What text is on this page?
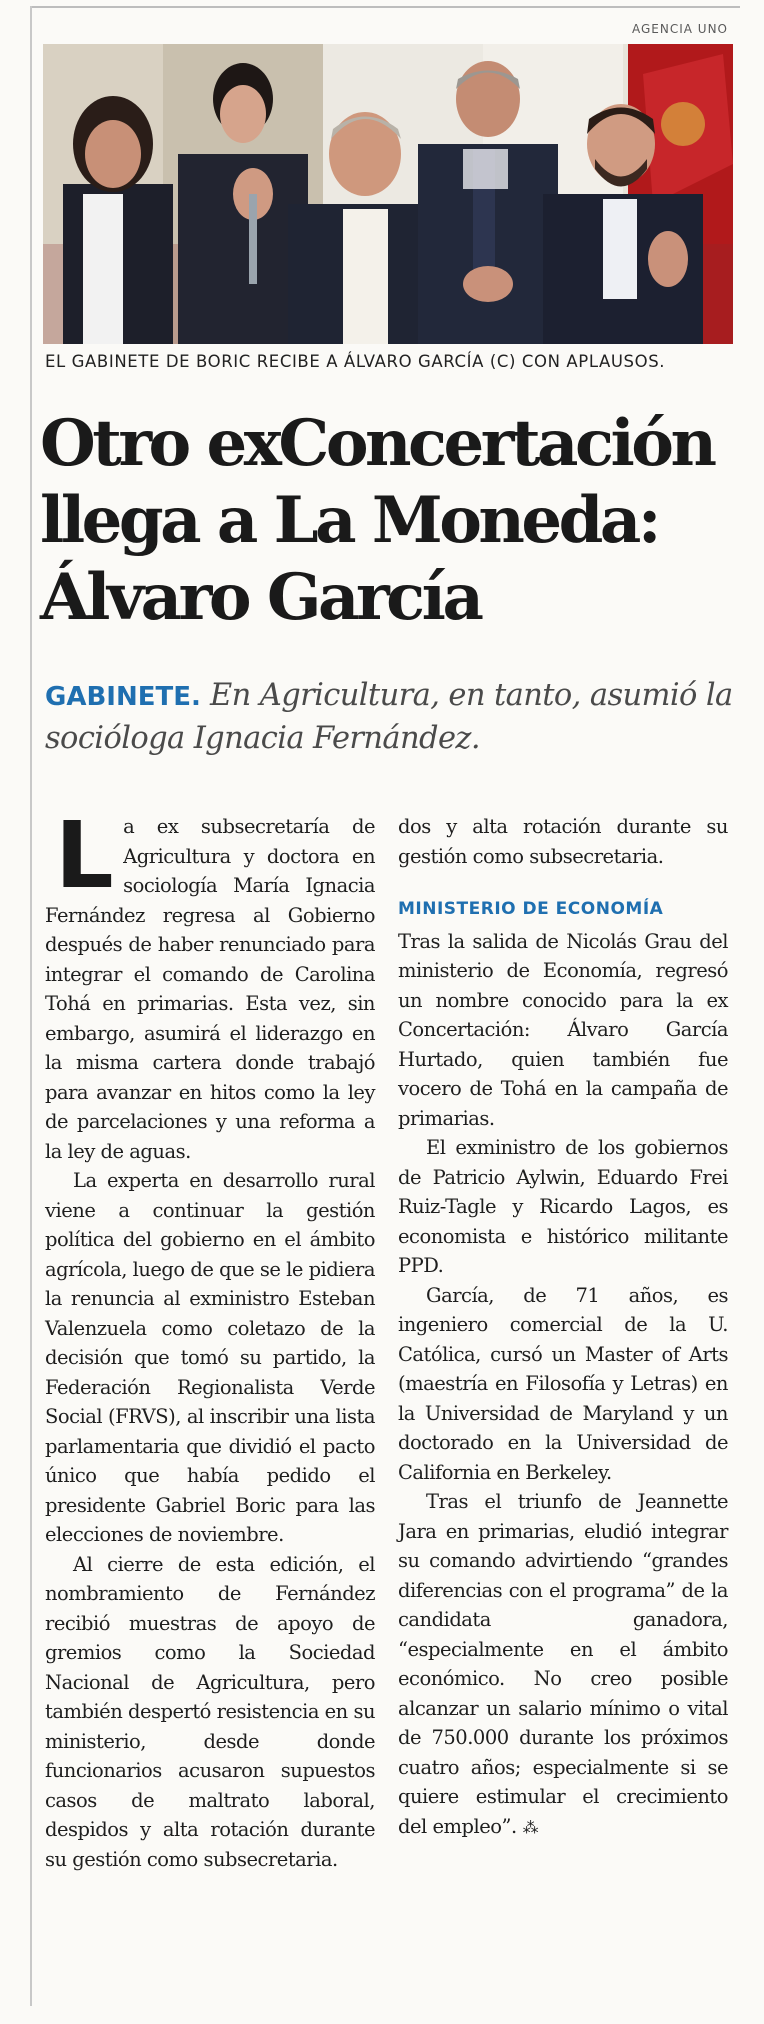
AGENCIA UNO
EL GABINETE DE BORIC RECIBE A ÁLVARO GARCÍA (C) CON APLAUSOS.
Otro exConcertación
llega a La Moneda:
Álvaro García
GABINETE. En Agricultura, en tanto, asumió la socióloga Ignacia Fernández.

La ex subsecretaría de Agricultura y doctora en sociología María Ignacia Fernández regresa al Gobierno después de haber renunciado para integrar el comando de Carolina Tohá en primarias. Esta vez, sin embargo, asumirá el liderazgo en la misma cartera donde trabajó para avanzar en hitos como la ley de parcelaciones y una reforma a la ley de aguas.

La experta en desarrollo rural viene a continuar la gestión política del gobierno en el ámbito agrícola, luego de que se le pidiera la renuncia al exministro Esteban Valenzuela como coletazo de la decisión que tomó su partido, la Federación Regionalista Verde Social (FRVS), al inscribir una lista parlamentaria que dividió el pacto único que había pedido el presidente Gabriel Boric para las elecciones de noviembre.

Al cierre de esta edición, el nombramiento de Fernández recibió muestras de apoyo de gremios como la Sociedad Nacional de Agricultura, pero también despertó resistencia en su ministerio, desde donde funcionarios acusaron supuestos casos de maltrato laboral, despidos y alta rotación durante su gestión como subsecretaria.

dos y alta rotación durante su gestión como subsecretaria.

MINISTERIO DE ECONOMÍA

Tras la salida de Nicolás Grau del ministerio de Economía, regresó un nombre conocido para la ex Concertación: Álvaro García Hurtado, quien también fue vocero de Tohá en la campaña de primarias.

El exministro de los gobiernos de Patricio Aylwin, Eduardo Frei Ruiz-Tagle y Ricardo Lagos, es economista e histórico militante PPD.

García, de 71 años, es ingeniero comercial de la U. Católica, cursó un Master of Arts (maestría en Filosofía y Letras) en la Universidad de Maryland y un doctorado en la Universidad de California en Berkeley.

Tras el triunfo de Jeannette Jara en primarias, eludió integrar su comando advirtiendo “grandes diferencias con el programa” de la candidata ganadora, “especialmente en el ámbito económico. No creo posible alcanzar un salario mínimo o vital de 750.000 durante los próximos cuatro años; especialmente si se quiere estimular el crecimiento del empleo”. ⁂
